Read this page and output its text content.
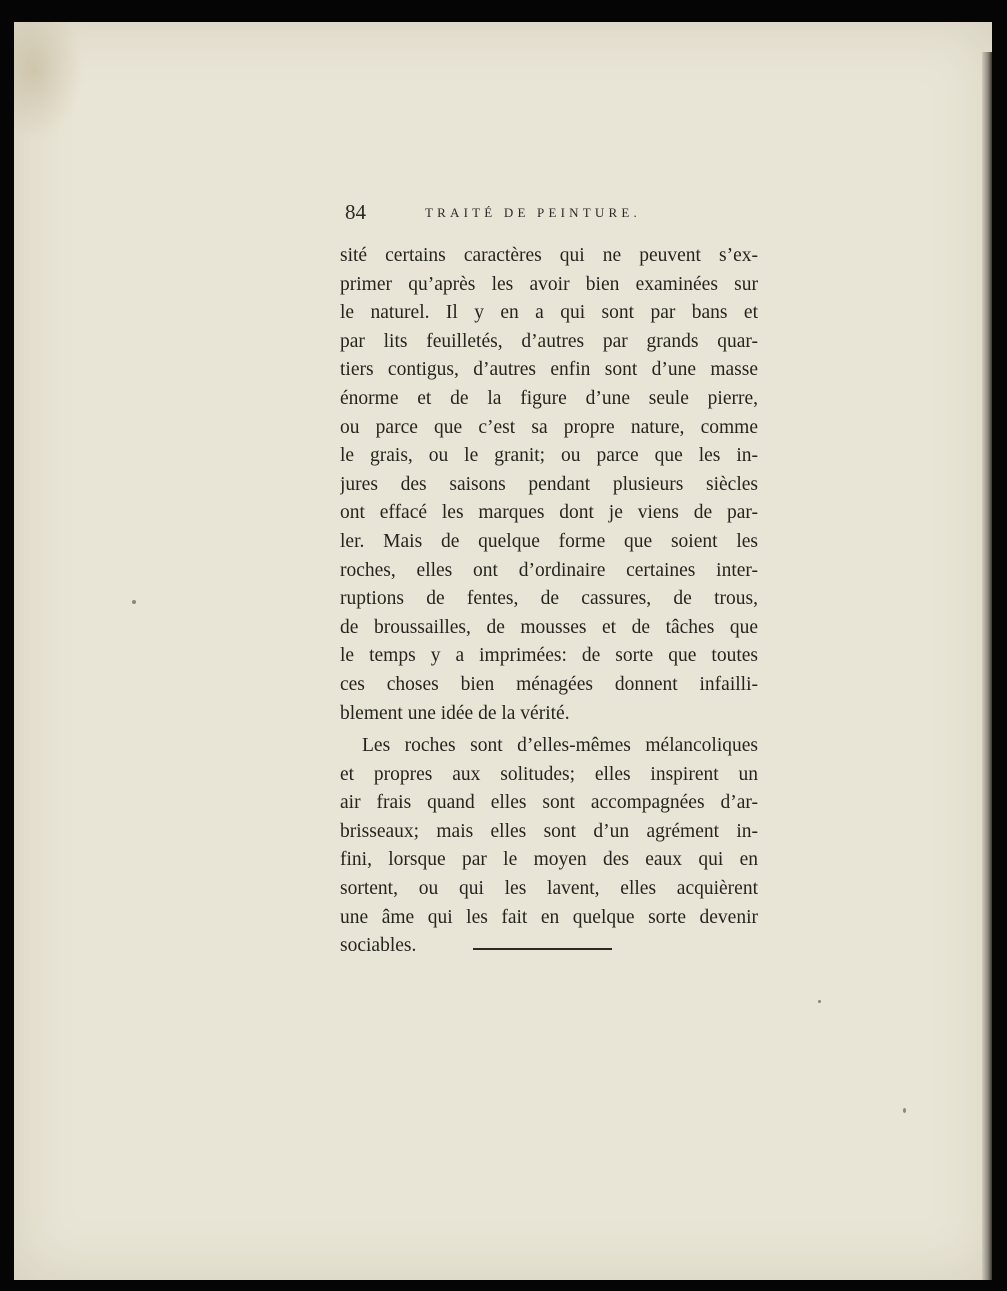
84	TRAITÉ DE PEINTURE.
sité certains caractères qui ne peuvent s’ex-
primer qu’après les avoir bien examinées sur
le naturel. Il y en a qui sont par bans et
par lits feuilletés, d’autres par grands quar-
tiers contigus, d’autres enfin sont d’une masse
énorme et de la figure d’une seule pierre,
ou parce que c’est sa propre nature, comme
le grais, ou le granit; ou parce que les in-
jures des saisons pendant plusieurs siècles
ont effacé les marques dont je viens de par-
ler. Mais de quelque forme que soient les
roches, elles ont d’ordinaire certaines inter-
ruptions de fentes, de cassures, de trous,
de broussailles, de mousses et de tâches que
le temps y a imprimées: de sorte que toutes
ces choses bien ménagées donnent infailli-
blement une idée de la vérité.
Les roches sont d’elles-mêmes mélancoliques
et propres aux solitudes; elles inspirent un
air frais quand elles sont accompagnées d’ar-
brisseaux; mais elles sont d’un agrément in-
fini, lorsque par le moyen des eaux qui en
sortent, ou qui les lavent, elles acquièrent
une âme qui les fait en quelque sorte devenir
sociables.
